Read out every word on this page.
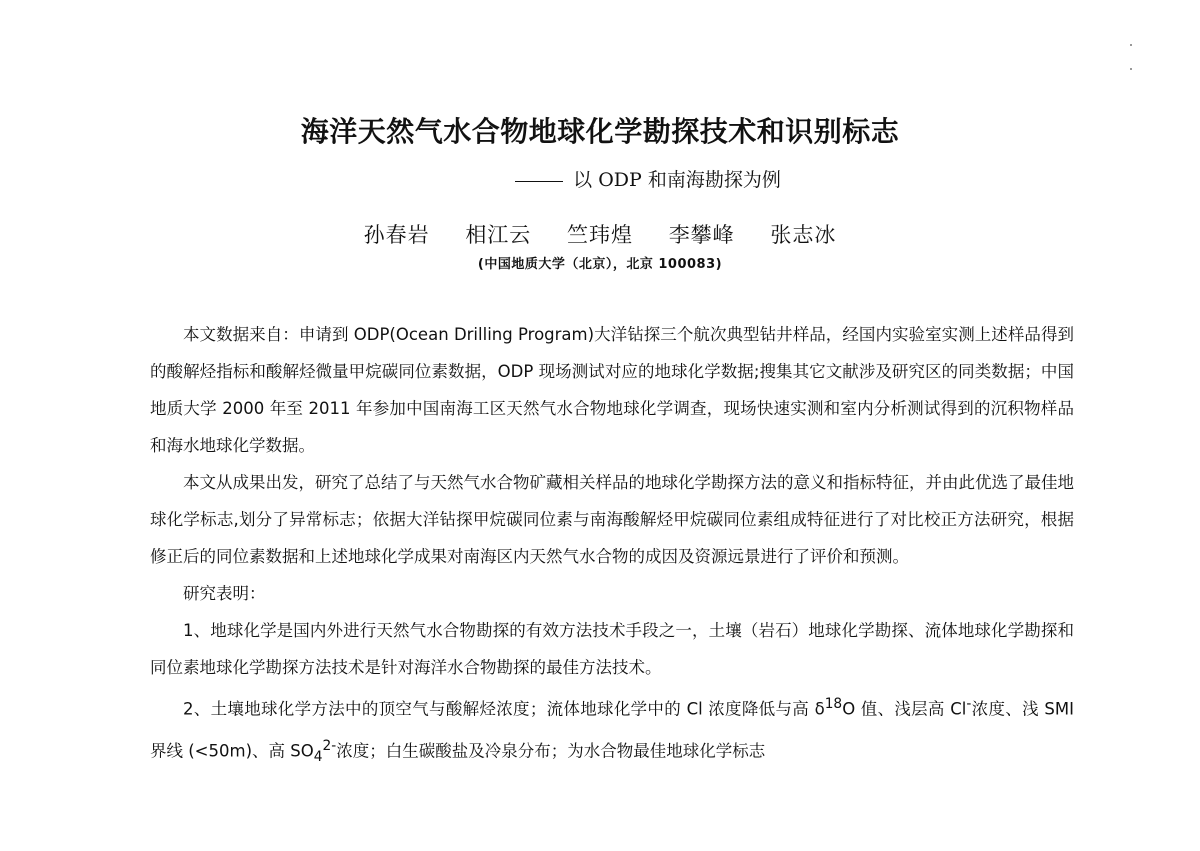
海洋天然气水合物地球化学勘探技术和识别标志
以 ODP 和南海勘探为例
孙春岩 相江云 竺玮煌 李攀峰 张志冰
(中国地质大学（北京），北京 100083)

本文数据来自：申请到 ODP(Ocean Drilling Program)大洋钻探三个航次典型钻井样品，经国内实验室实测上述样品得到的酸解烃指标和酸解烃微量甲烷碳同位素数据，ODP 现场测试对应的地球化学数据;搜集其它文献涉及研究区的同类数据；中国地质大学 2000 年至 2011 年参加中国南海工区天然气水合物地球化学调查，现场快速实测和室内分析测试得到的沉积物样品和海水地球化学数据。

本文从成果出发，研究了总结了与天然气水合物矿藏相关样品的地球化学勘探方法的意义和指标特征，并由此优选了最佳地球化学标志,划分了异常标志；依据大洋钻探甲烷碳同位素与南海酸解烃甲烷碳同位素组成特征进行了对比校正方法研究，根据修正后的同位素数据和上述地球化学成果对南海区内天然气水合物的成因及资源远景进行了评价和预测。

研究表明：

1、地球化学是国内外进行天然气水合物勘探的有效方法技术手段之一，土壤（岩石）地球化学勘探、流体地球化学勘探和同位素地球化学勘探方法技术是针对海洋水合物勘探的最佳方法技术。

2、土壤地球化学方法中的顶空气与酸解烃浓度；流体地球化学中的 Cl 浓度降低与高 $\delta^{18}O$ 值、浅层高 Cl-浓度、浅 SMI 界线 (<50m)、高 $SO_4^{2-}$浓度；白生碳酸盐及冷泉分布；为水合物最佳地球化学标志
